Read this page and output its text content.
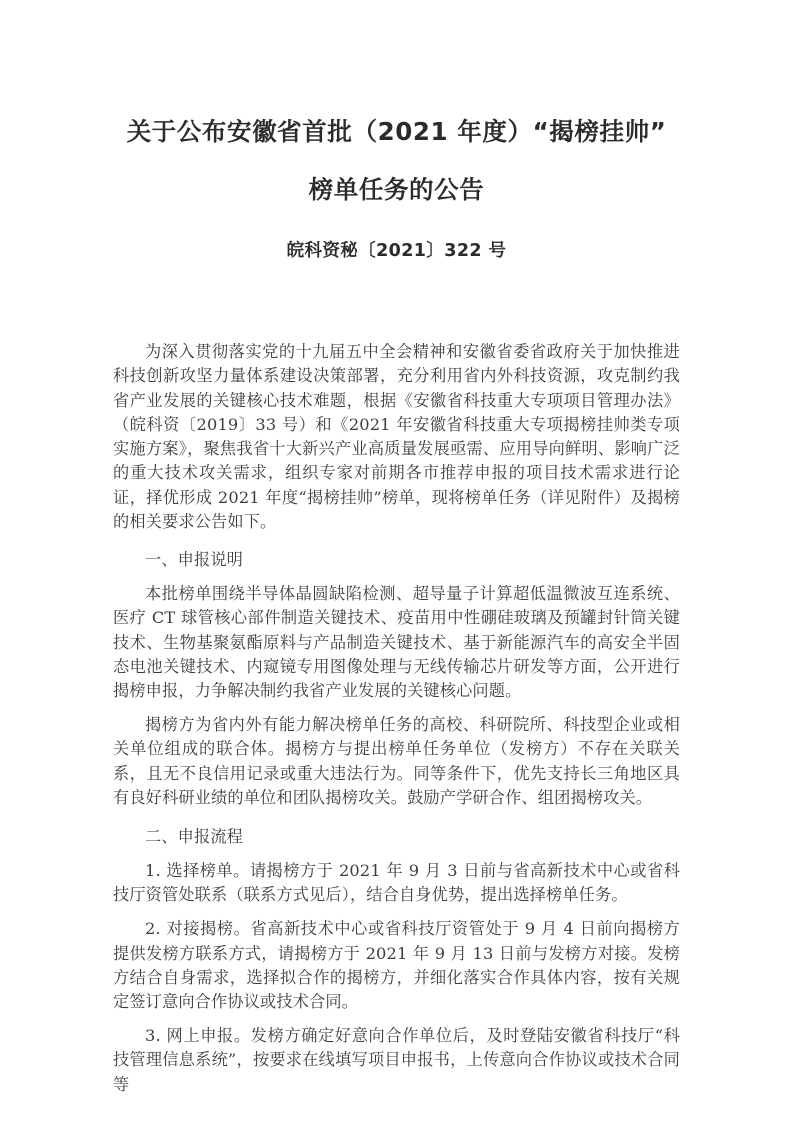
关于公布安徽省首批（2021 年度）“揭榜挂帅”
榜单任务的公告
皖科资秘〔2021〕322 号

为深入贯彻落实党的十九届五中全会精神和安徽省委省政府关于加快推进科技创新攻坚力量体系建设决策部署，充分利用省内外科技资源，攻克制约我省产业发展的关键核心技术难题，根据《安徽省科技重大专项项目管理办法》（皖科资〔2019〕33 号）和《2021 年安徽省科技重大专项揭榜挂帅类专项实施方案》，聚焦我省十大新兴产业高质量发展亟需、应用导向鲜明、影响广泛的重大技术攻关需求，组织专家对前期各市推荐申报的项目技术需求进行论证，择优形成 2021 年度“揭榜挂帅”榜单，现将榜单任务（详见附件）及揭榜的相关要求公告如下。

一、申报说明

本批榜单围绕半导体晶圆缺陷检测、超导量子计算超低温微波互连系统、医疗 CT 球管核心部件制造关键技术、疫苗用中性硼硅玻璃及预罐封针筒关键技术、生物基聚氨酯原料与产品制造关键技术、基于新能源汽车的高安全半固态电池关键技术、内窥镜专用图像处理与无线传输芯片研发等方面，公开进行揭榜申报，力争解决制约我省产业发展的关键核心问题。

揭榜方为省内外有能力解决榜单任务的高校、科研院所、科技型企业或相关单位组成的联合体。揭榜方与提出榜单任务单位（发榜方）不存在关联关系，且无不良信用记录或重大违法行为。同等条件下，优先支持长三角地区具有良好科研业绩的单位和团队揭榜攻关。鼓励产学研合作、组团揭榜攻关。

二、申报流程

1. 选择榜单。请揭榜方于 2021 年 9 月 3 日前与省高新技术中心或省科技厅资管处联系（联系方式见后），结合自身优势，提出选择榜单任务。

2. 对接揭榜。省高新技术中心或省科技厅资管处于 9 月 4 日前向揭榜方提供发榜方联系方式，请揭榜方于 2021 年 9 月 13 日前与发榜方对接。发榜方结合自身需求，选择拟合作的揭榜方，并细化落实合作具体内容，按有关规定签订意向合作协议或技术合同。

3. 网上申报。发榜方确定好意向合作单位后，及时登陆安徽省科技厅“科技管理信息系统”，按要求在线填写项目申报书，上传意向合作协议或技术合同等
